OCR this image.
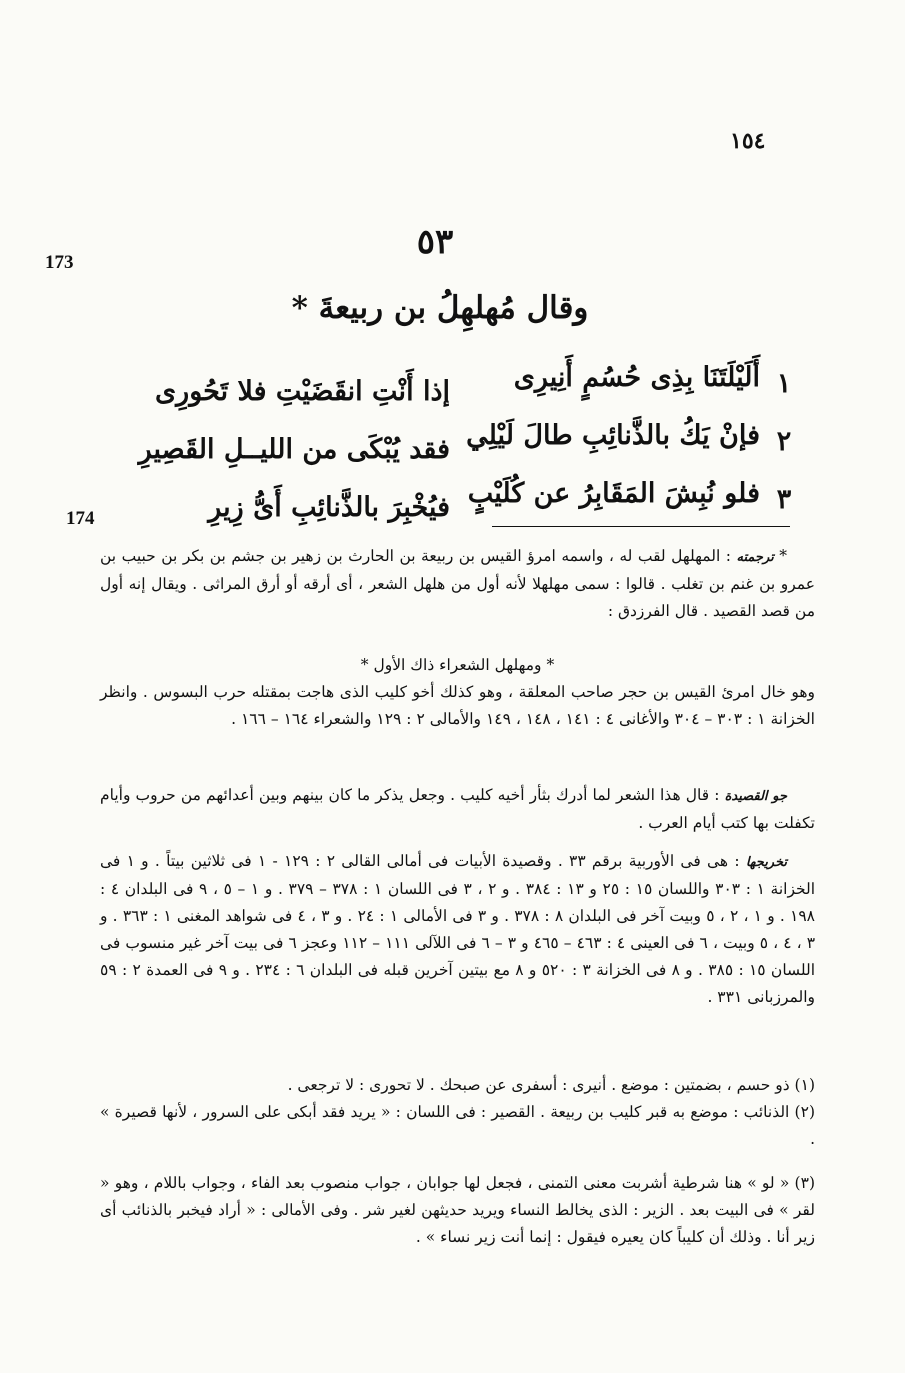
١٥٤
173
174
٥٣
وقال مُهلهِلُ بن ربيعةَ *
١
أَلَيْلَتَنَا بِذِى حُسُمٍ أَنِيرِى
إذا أَنْتِ انقَضَيْتِ فلا تَحُورِى
٢
فإنْ يَكُ بالذَّنائِبِ طالَ لَيْلِي
فقد يُبْكَى من الليــلِ القَصِيرِ
٣
فلو نُبِشَ المَقَابِرُ عن كُلَيْبٍ
فيُخْبِرَ بالذَّنائِبِ أَىُّ زِيرِ

* ترجمته : المهلهل لقب له ، واسمه امرؤ القيس بن ربيعة بن الحارث بن زهير بن جشم بن بكر بن حبيب بن عمرو بن غنم بن تغلب . قالوا : سمى مهلهلا لأنه أول من هلهل الشعر ، أى أرقه أو أرق المراثى . ويقال إنه أول من قصد القصيد . قال الفرزدق :

* ومهلهل الشعراء ذاك الأول *

وهو خال امرئ القيس بن حجر صاحب المعلقة ، وهو كذلك أخو كليب الذى هاجت بمقتله حرب البسوس . وانظر الخزانة ١ : ٣٠٣ – ٣٠٤ والأغانى ٤ : ١٤١ ، ١٤٨ ، ١٤٩ والأمالى ٢ : ١٢٩ والشعراء ١٦٤ – ١٦٦ .

جو القصيدة : قال هذا الشعر لما أدرك بثأر أخيه كليب . وجعل يذكر ما كان بينهم وبين أعدائهم من حروب وأيام تكفلت بها كتب أيام العرب .

تخريجها : هى فى الأوربية برقم ٣٣ . وقصيدة الأبيات فى أمالى القالى ٢ : ١٢٩ - ١ فى ثلاثين بيتاً . و ١ فى الخزانة ١ : ٣٠٣ واللسان ١٥ : ٢٥ و ١٣ : ٣٨٤ . و ٢ ، ٣ فى اللسان ١ : ٣٧٨ – ٣٧٩ . و ١ – ٥ ، ٩ فى البلدان ٤ : ١٩٨ . و ١ ، ٢ ، ٥ وبيت آخر فى البلدان ٨ : ٣٧٨ . و ٣ فى الأمالى ١ : ٢٤ . و ٣ ، ٤ فى شواهد المغنى ١ : ٣٦٣ . و ٣ ، ٤ ، ٥ وبيت ، ٦ فى العينى ٤ : ٤٦٣ – ٤٦٥ و ٣ – ٦ فى اللآلى ١١١ – ١١٢ وعجز ٦ فى بيت آخر غير منسوب فى اللسان ١٥ : ٣٨٥ . و ٨ فى الخزانة ٣ : ٥٢٠ و ٨ مع بيتين آخرين قبله فى البلدان ٦ : ٢٣٤ . و ٩ فى العمدة ٢ : ٥٩ والمرزبانى ٣٣١ .

(١) ذو حسم ، بضمتين : موضع . أنيرى : أسفرى عن صبحك . لا تحورى : لا ترجعى .

(٢) الذنائب : موضع به قبر كليب بن ربيعة . القصير : فى اللسان : « يريد فقد أبكى على السرور ، لأنها قصيرة » .

(٣) « لو » هنا شرطية أشربت معنى التمنى ، فجعل لها جوابان ، جواب منصوب بعد الفاء ، وجواب باللام ، وهو « لقر » فى البيت بعد . الزير : الذى يخالط النساء ويريد حديثهن لغير شر . وفى الأمالى : « أراد فيخبر بالذنائب أى زير أنا . وذلك أن كليباً كان يعيره فيقول : إنما أنت زير نساء » .
